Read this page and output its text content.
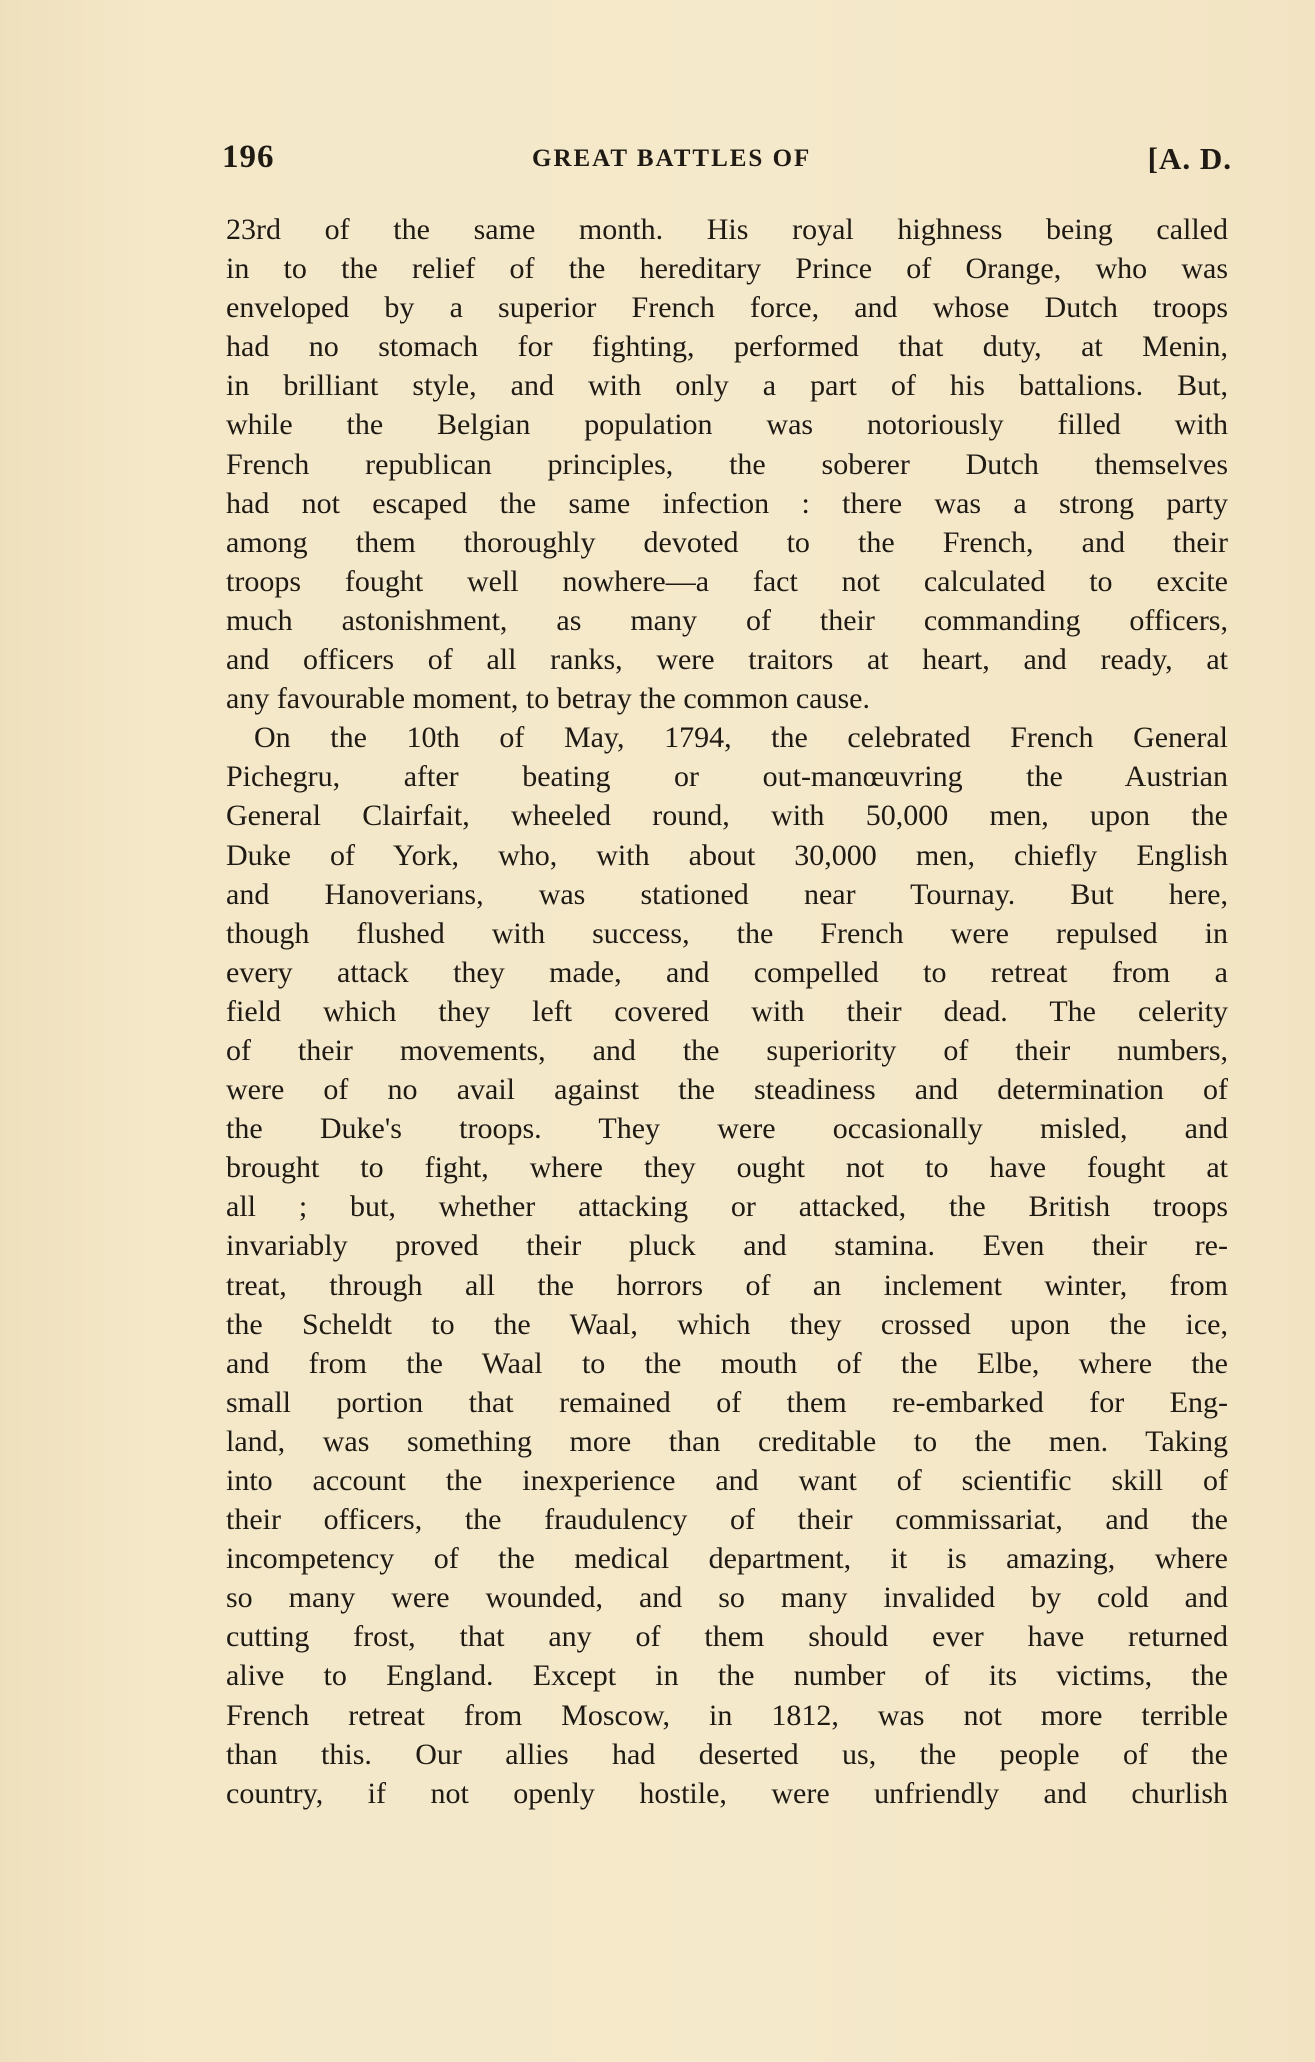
196	GREAT BATTLES OF	[A. D.
23rd of the same month. His royal highness being called
in to the relief of the hereditary Prince of Orange, who was
enveloped by a superior French force, and whose Dutch troops
had no stomach for fighting, performed that duty, at Menin,
in brilliant style, and with only a part of his battalions. But,
while the Belgian population was notoriously filled with
French republican principles, the soberer Dutch themselves
had not escaped the same infection : there was a strong party
among them thoroughly devoted to the French, and their
troops fought well nowhere—a fact not calculated to excite
much astonishment, as many of their commanding officers,
and officers of all ranks, were traitors at heart, and ready, at
any favourable moment, to betray the common cause.
On the 10th of May, 1794, the celebrated French General
Pichegru, after beating or out-manœuvring the Austrian
General Clairfait, wheeled round, with 50,000 men, upon the
Duke of York, who, with about 30,000 men, chiefly English
and Hanoverians, was stationed near Tournay. But here,
though flushed with success, the French were repulsed in
every attack they made, and compelled to retreat from a
field which they left covered with their dead. The celerity
of their movements, and the superiority of their numbers,
were of no avail against the steadiness and determination of
the Duke's troops. They were occasionally misled, and
brought to fight, where they ought not to have fought at
all ; but, whether attacking or attacked, the British troops
invariably proved their pluck and stamina. Even their re-
treat, through all the horrors of an inclement winter, from
the Scheldt to the Waal, which they crossed upon the ice,
and from the Waal to the mouth of the Elbe, where the
small portion that remained of them re-embarked for Eng-
land, was something more than creditable to the men. Taking
into account the inexperience and want of scientific skill of
their officers, the fraudulency of their commissariat, and the
incompetency of the medical department, it is amazing, where
so many were wounded, and so many invalided by cold and
cutting frost, that any of them should ever have returned
alive to England. Except in the number of its victims, the
French retreat from Moscow, in 1812, was not more terrible
than this. Our allies had deserted us, the people of the
country, if not openly hostile, were unfriendly and churlish
